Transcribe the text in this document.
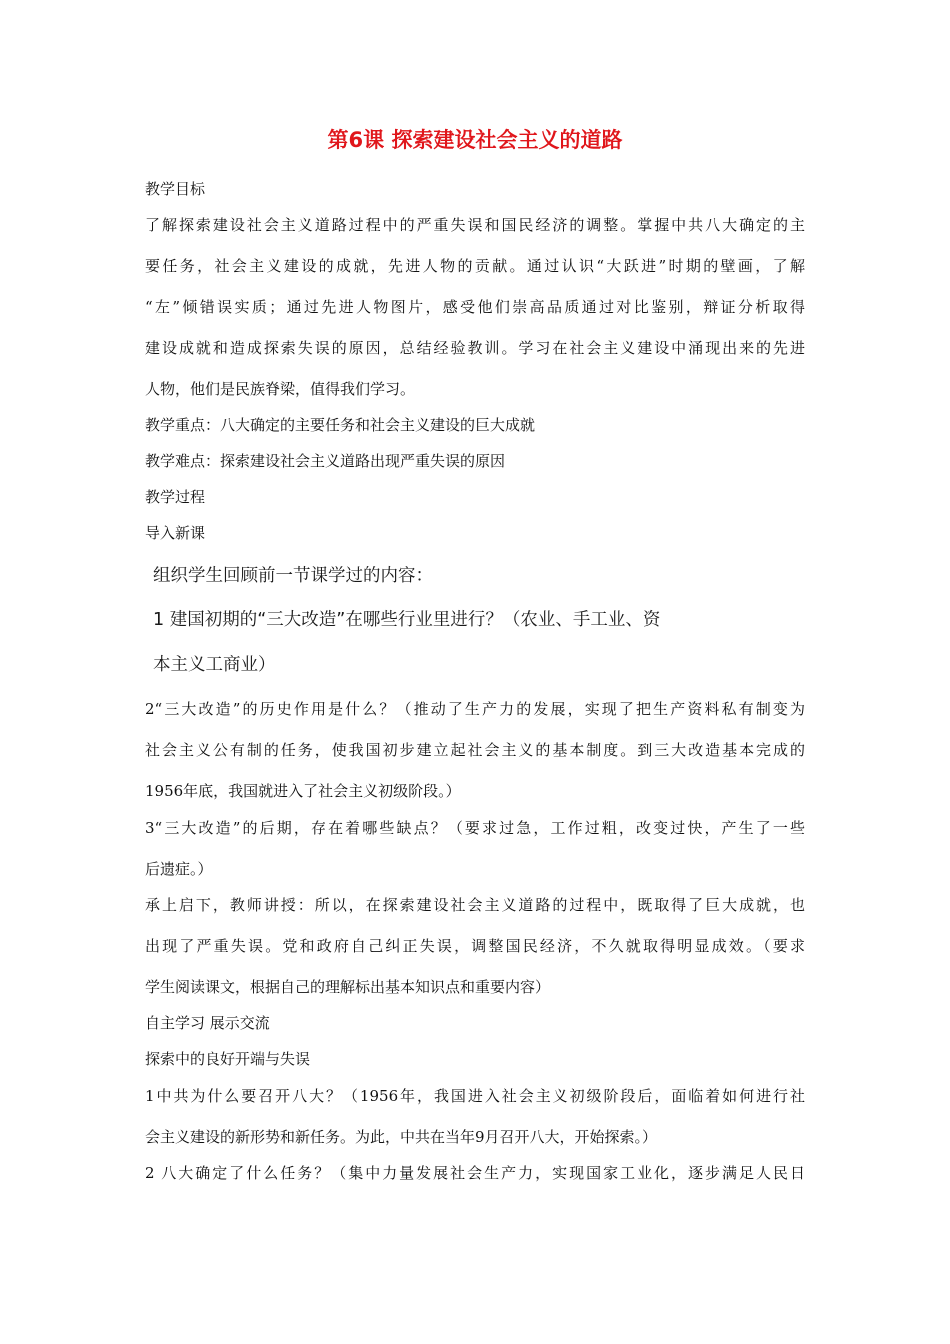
第6课 探索建设社会主义的道路
教学目标
了解探索建设社会主义道路过程中的严重失误和国民经济的调整。掌握中共八大确定的主
要任务，社会主义建设的成就，先进人物的贡献。通过认识“大跃进”时期的壁画，了解
“左”倾错误实质；通过先进人物图片，感受他们崇高品质通过对比鉴别，辩证分析取得
建设成就和造成探索失误的原因，总结经验教训。学习在社会主义建设中涌现出来的先进
人物，他们是民族脊梁，值得我们学习。
教学重点：八大确定的主要任务和社会主义建设的巨大成就
教学难点：探索建设社会主义道路出现严重失误的原因
教学过程
导入新课
组织学生回顾前一节课学过的内容：
1 建国初期的“三大改造”在哪些行业里进行？（农业、手工业、资
本主义工商业）
2“三大改造”的历史作用是什么？（推动了生产力的发展，实现了把生产资料私有制变为
社会主义公有制的任务，使我国初步建立起社会主义的基本制度。到三大改造基本完成的
1956年底，我国就进入了社会主义初级阶段。）
3“三大改造”的后期，存在着哪些缺点？（要求过急，工作过粗，改变过快，产生了一些
后遗症。）
承上启下，教师讲授：所以，在探索建设社会主义道路的过程中，既取得了巨大成就，也
出现了严重失误。党和政府自己纠正失误，调整国民经济，不久就取得明显成效。（要求
学生阅读课文，根据自己的理解标出基本知识点和重要内容）
自主学习 展示交流
探索中的良好开端与失误
1中共为什么要召开八大？（1956年，我国进入社会主义初级阶段后，面临着如何进行社
会主义建设的新形势和新任务。为此，中共在当年9月召开八大，开始探索。）
2 八大确定了什么任务？（集中力量发展社会生产力，实现国家工业化，逐步满足人民日
